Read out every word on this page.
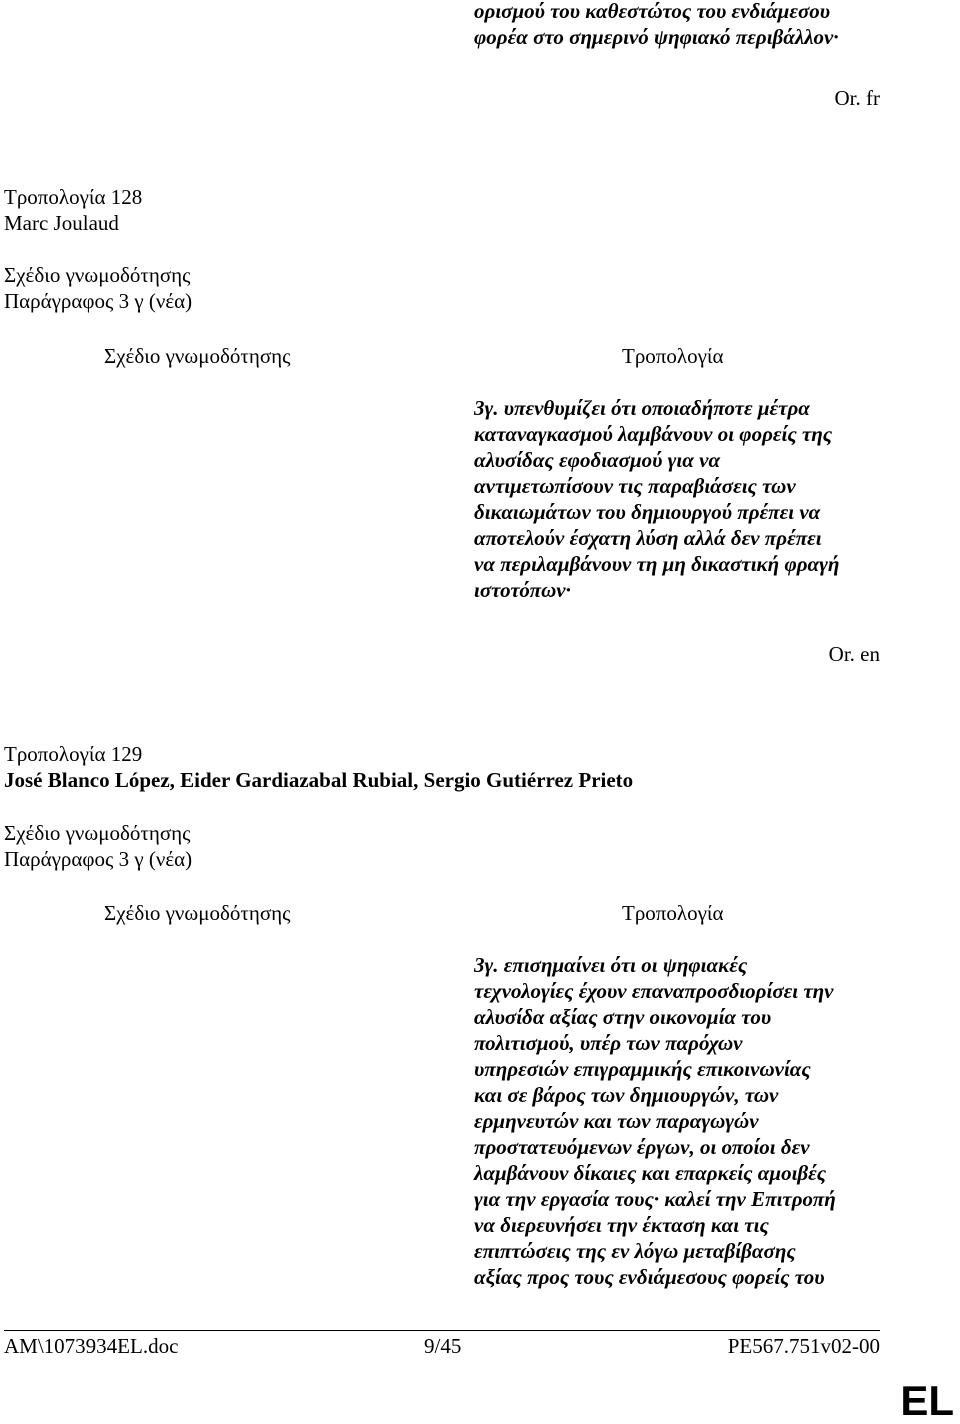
ορισμού του καθεστώτος του ενδιάμεσου
φορέα στο σημερινό ψηφιακό περιβάλλον·
Or. fr
Τροπολογία 128
Marc Joulaud
Σχέδιο γνωμοδότησης
Παράγραφος 3 γ (νέα)
Σχέδιο γνωμοδότησης	Τροπολογία
3γ. υπενθυμίζει ότι οποιαδήποτε μέτρα
καταναγκασμού λαμβάνουν οι φορείς της
αλυσίδας εφοδιασμού για να
αντιμετωπίσουν τις παραβιάσεις των
δικαιωμάτων του δημιουργού πρέπει να
αποτελούν έσχατη λύση αλλά δεν πρέπει
να περιλαμβάνουν τη μη δικαστική φραγή
ιστοτόπων·
Or. en
Τροπολογία 129
José Blanco López, Eider Gardiazabal Rubial, Sergio Gutiérrez Prieto
Σχέδιο γνωμοδότησης
Παράγραφος 3 γ (νέα)
Σχέδιο γνωμοδότησης	Τροπολογία
3γ. επισημαίνει ότι οι ψηφιακές
τεχνολογίες έχουν επαναπροσδιορίσει την
αλυσίδα αξίας στην οικονομία του
πολιτισμού, υπέρ των παρόχων
υπηρεσιών επιγραμμικής επικοινωνίας
και σε βάρος των δημιουργών, των
ερμηνευτών και των παραγωγών
προστατευόμενων έργων, οι οποίοι δεν
λαμβάνουν δίκαιες και επαρκείς αμοιβές
για την εργασία τους· καλεί την Επιτροπή
να διερευνήσει την έκταση και τις
επιπτώσεις της εν λόγω μεταβίβασης
αξίας προς τους ενδιάμεσους φορείς του
AM\1073934EL.doc	9/45	PE567.751v02-00
EL
